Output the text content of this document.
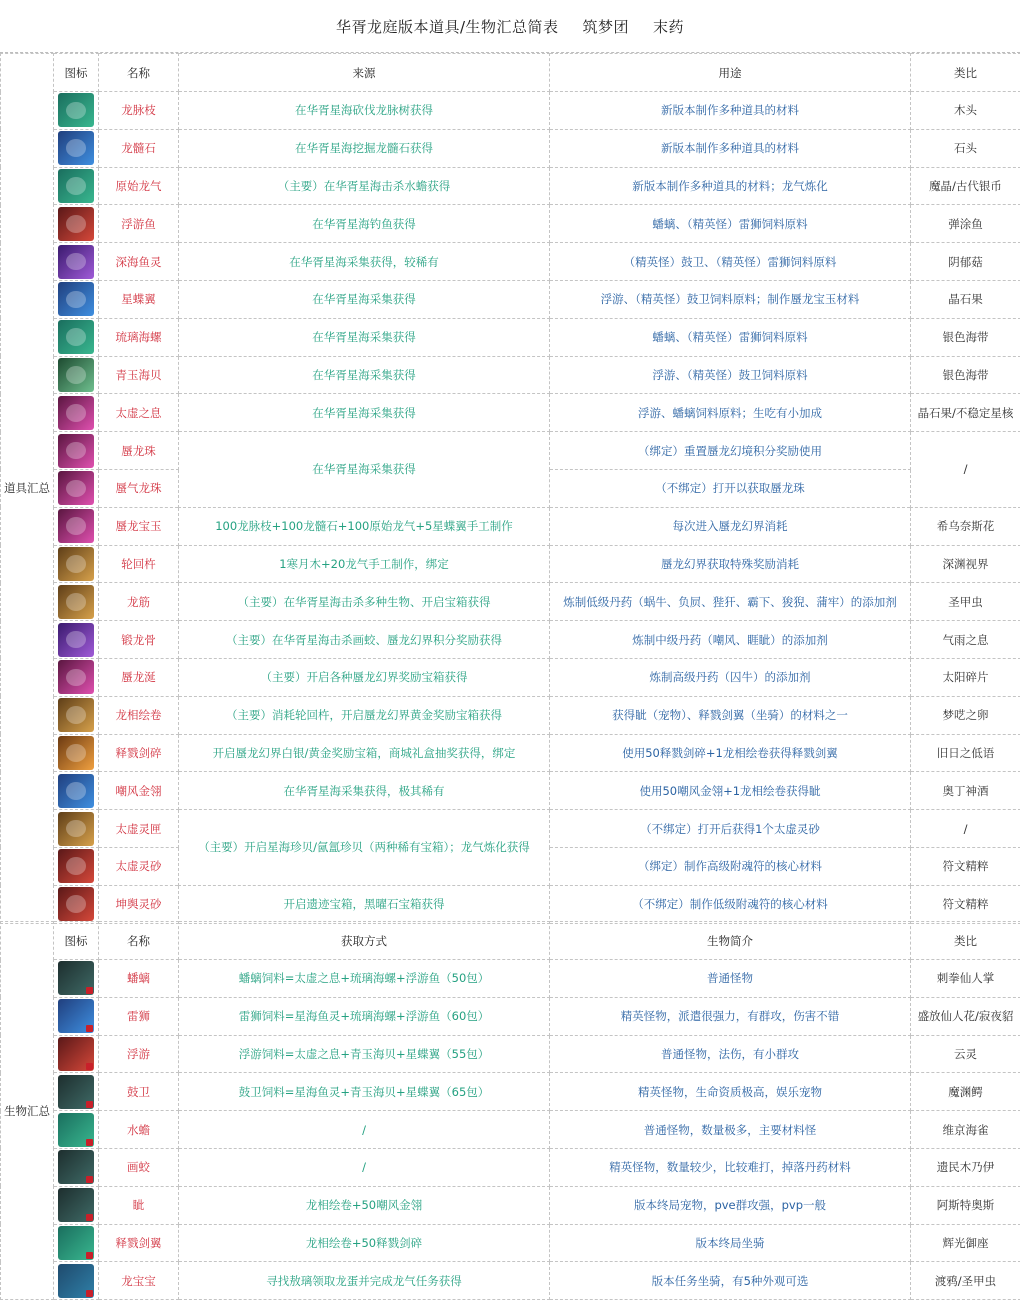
华胥龙庭版本道具/生物汇总简表 筑梦团 末药
道具汇总	图标	名称	来源	用途	类比

		龙脉枝	在华胥星海砍伐龙脉树获得	新版本制作多种道具的材料	木头

		龙髓石	在华胥星海挖掘龙髓石获得	新版本制作多种道具的材料	石头

		原始龙气	（主要）在华胥星海击杀水蟾获得	新版本制作多种道具的材料；龙气炼化	魔晶/古代银币

		浮游鱼	在华胥星海钓鱼获得	蟠螭、（精英怪）雷狮饲料原料	弹涂鱼

		深海鱼灵	在华胥星海采集获得，较稀有	（精英怪）鼓卫、（精英怪）雷狮饲料原料	阴郁菇

		星蝶翼	在华胥星海采集获得	浮游、（精英怪）鼓卫饲料原料；制作蜃龙宝玉材料	晶石果

		琉璃海螺	在华胥星海采集获得	蟠螭、（精英怪）雷狮饲料原料	银色海带

		青玉海贝	在华胥星海采集获得	浮游、（精英怪）鼓卫饲料原料	银色海带

		太虚之息	在华胥星海采集获得	浮游、蟠螭饲料原料；生吃有小加成	晶石果/不稳定星核

		蜃龙珠	在华胥星海采集获得	（绑定）重置蜃龙幻境积分奖励使用	/

		蜃气龙珠		（不绑定）打开以获取蜃龙珠	

		蜃龙宝玉	100龙脉枝+100龙髓石+100原始龙气+5星蝶翼手工制作	每次进入蜃龙幻界消耗	希乌奈斯花

		轮回杵	1寒月木+20龙气手工制作，绑定	蜃龙幻界获取特殊奖励消耗	深渊视界

		龙筋	（主要）在华胥星海击杀多种生物、开启宝箱获得	炼制低级丹药（蜗牛、负屃、狴犴、霸下、狻猊、蒲牢）的添加剂	圣甲虫

		锻龙骨	（主要）在华胥星海击杀画蛟、蜃龙幻界积分奖励获得	炼制中级丹药（嘲风、睚眦）的添加剂	气雨之息

		蜃龙涎	（主要）开启各种蜃龙幻界奖励宝箱获得	炼制高级丹药（囚牛）的添加剂	太阳碎片

		龙相绘卷	（主要）消耗轮回杵，开启蜃龙幻界黄金奖励宝箱获得	获得眦（宠物）、释戮剑翼（坐骑）的材料之一	梦呓之卵

		释戮剑碎	开启蜃龙幻界白银/黄金奖励宝箱，商城礼盒抽奖获得，绑定	使用50释戮剑碎+1龙相绘卷获得释戮剑翼	旧日之低语

		嘲风金翎	在华胥星海采集获得，极其稀有	使用50嘲风金翎+1龙相绘卷获得眦	奥丁神酒

		太虚灵匣	（主要）开启星海珍贝/氤氲珍贝（两种稀有宝箱）；龙气炼化获得	（不绑定）打开后获得1个太虚灵砂	/

		太虚灵砂		（绑定）制作高级附魂符的核心材料	符文精粹

		坤舆灵砂	开启遗迹宝箱，黑曜石宝箱获得	（不绑定）制作低级附魂符的核心材料	符文精粹
生物汇总	图标	名称	获取方式	生物简介	类比

		蟠螭	蟠螭饲料=太虚之息+琉璃海螺+浮游鱼（50包）	普通怪物	刺拳仙人掌

		雷狮	雷狮饲料=星海鱼灵+琉璃海螺+浮游鱼（60包）	精英怪物，派遣很强力，有群攻，伤害不错	盛放仙人花/寂夜貂

		浮游	浮游饲料=太虚之息+青玉海贝+星蝶翼（55包）	普通怪物，法伤，有小群攻	云灵

		鼓卫	鼓卫饲料=星海鱼灵+青玉海贝+星蝶翼（65包）	精英怪物，生命资质极高，娱乐宠物	魔渊鳄

		水蟾	/	普通怪物，数量极多，主要材料怪	维京海雀

		画蛟	/	精英怪物，数量较少，比较难打，掉落丹药材料	遗民木乃伊

		眦	龙相绘卷+50嘲风金翎	版本终局宠物，pve群攻强，pvp一般	阿斯特奥斯

		释戮剑翼	龙相绘卷+50释戮剑碎	版本终局坐骑	辉光御座

		龙宝宝	寻找敖璃领取龙蛋并完成龙气任务获得	版本任务坐骑，有5种外观可选	渡鸦/圣甲虫
